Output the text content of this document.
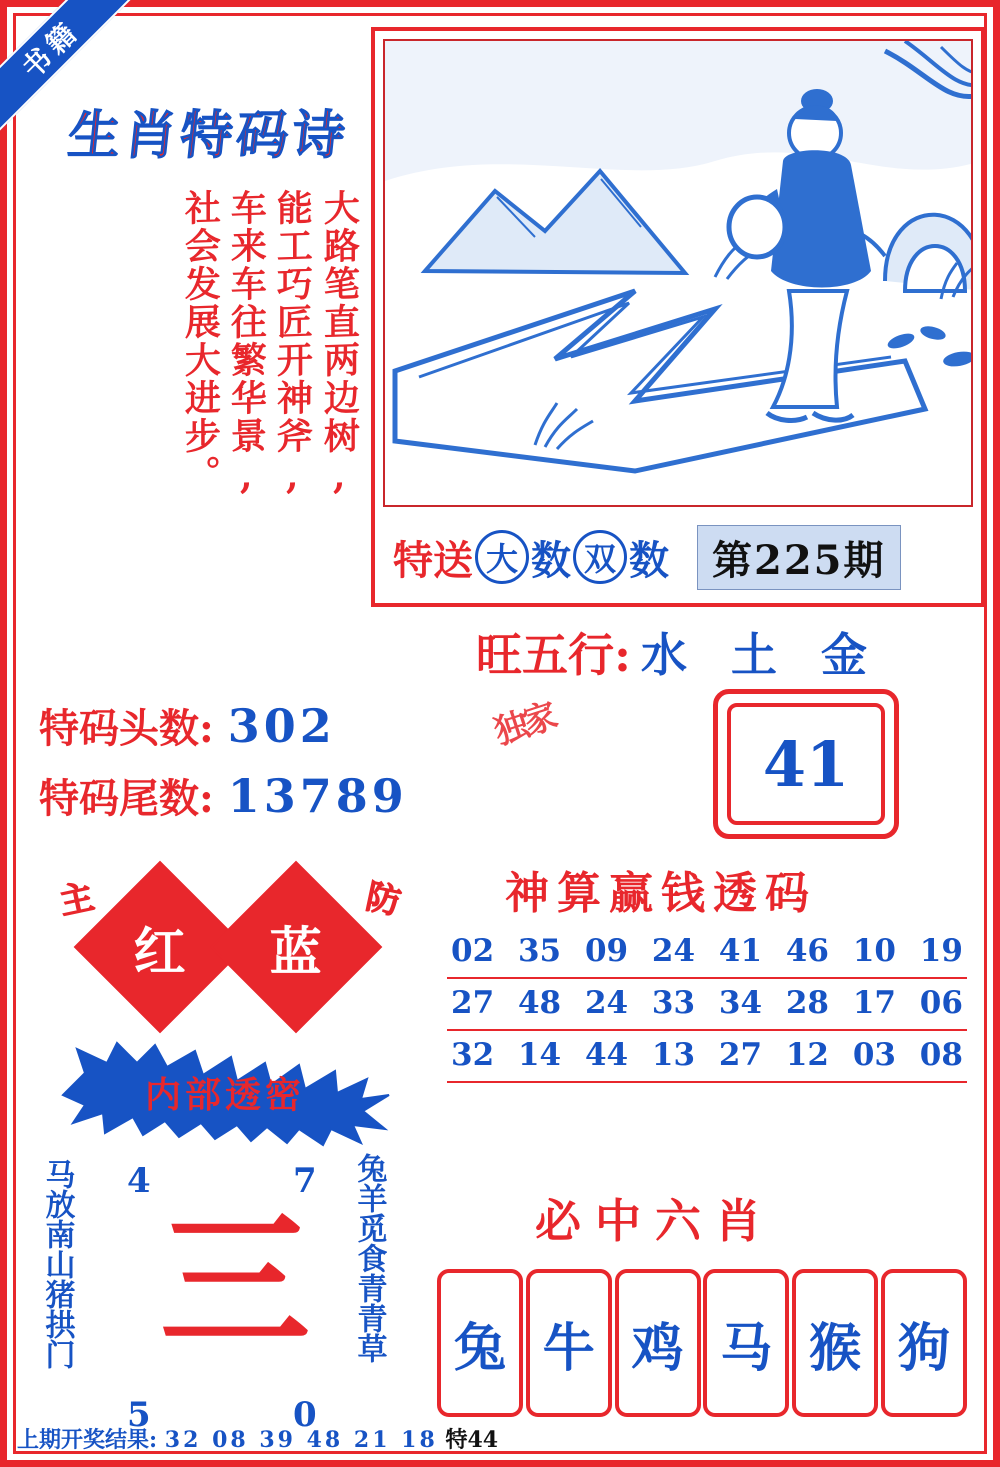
书籍
生肖特码诗
大路笔直两边树,
能工巧匠开神斧,
车来车往繁华景,
社会发展大进步。
特送 大 数 双 数	第225期
旺五行: 水 土 金
特码头数: 302
特码尾数: 13789
独家
41
主
红 蓝
防
内部透密
马放南山猪拱门	兔羊觅食青青草
4	7
三
5	0
神算赢钱透码
02 35 09 24 41 46 10 19
27 48 24 33 34 28 17 06
32 14 44 13 27 12 03 08
必中六肖
兔 牛 鸡 马 猴 狗
上期开奖结果: 32 08 39 48 21 18 特44
